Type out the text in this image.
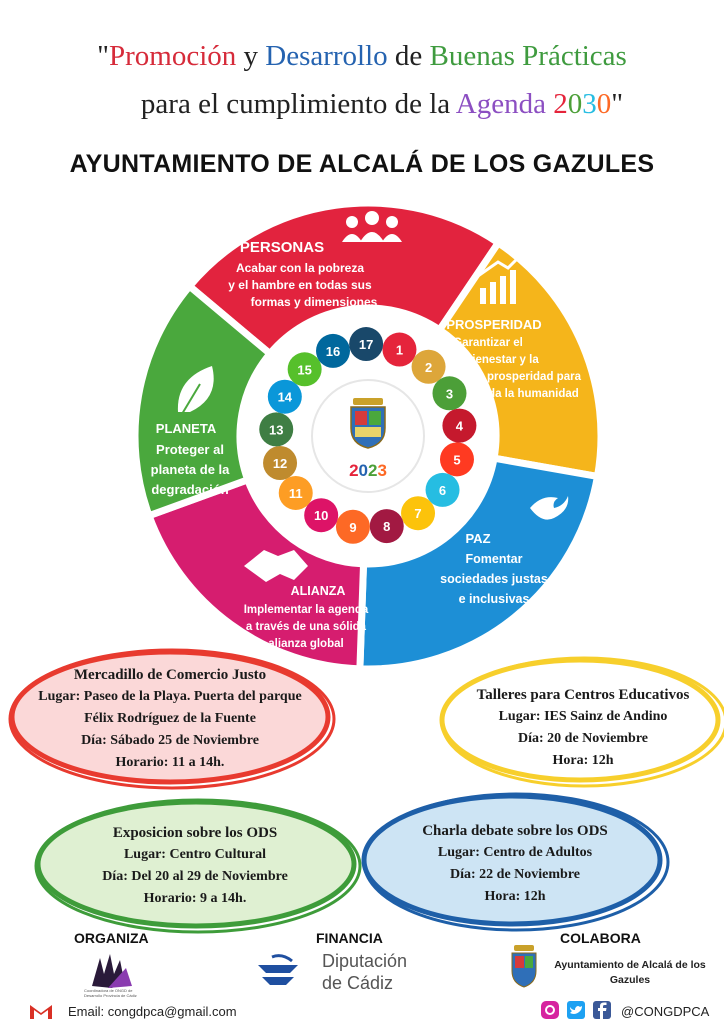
"Promoción y Desarrollo de Buenas Prácticas
para el cumplimiento de la Agenda 2030"
AYUNTAMIENTO DE ALCALÁ DE LOS GAZULES
1
2
3
4
5
6
7
8
9
10
11
12
13
14
15
16 17
2023
PERSONAS
Acabar con la pobreza
y el hambre en todas sus
formas y dimensiones
PROSPERIDAD
Garantizar el
bienestar y la
prosperidad para
toda la humanidad
PAZ
Fomentar
sociedades justas
e inclusivas
ALIANZA
Implementar la agenda
a través de una sólida
alianza global
PLANETA
Proteger al
planeta de la
degradación
Mercadillo de Comercio Justo
Lugar: Paseo de la Playa. Puerta del parque
Félix Rodríguez de la Fuente
Día: Sábado 25 de Noviembre
Horario: 11 a 14h.
Talleres para Centros Educativos
Lugar: IES Sainz de Andino
Día: 20 de Noviembre
Hora: 12h
Exposicion sobre los ODS
Lugar: Centro Cultural
Día: Del 20 al 29 de Noviembre
Horario: 9 a 14h.
Charla debate sobre los ODS
Lugar: Centro de Adultos
Día: 22 de Noviembre
Hora: 12h
ORGANIZA	FINANCIA	COLABORA
Coordinadora de ONGD de Desarrollo Provincia de Cádiz
Diputación
de Cádiz
Ayuntamiento de Alcalá de los
Gazules
Email: congdpca@gmail.com	@CONGDPCA
